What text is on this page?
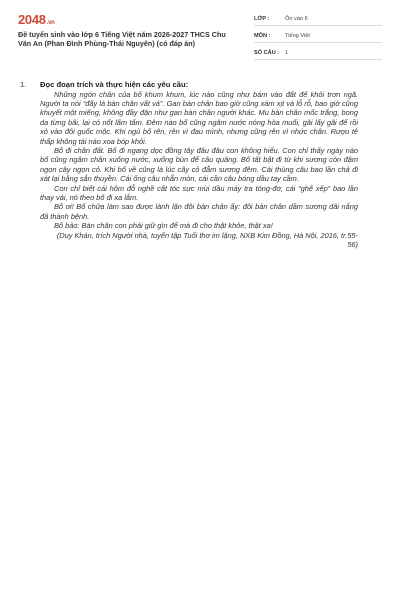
2048.vn
Đề tuyển sinh vào lớp 6 Tiếng Việt năm 2026-2027 THCS Chu Văn An (Phan Đình Phùng-Thái Nguyên) (có đáp án)
LỚP :	Ôn vào 6
MÔN :	Tiếng Việt
SỐ CÂU :	1
1. Đọc đoạn trích và thực hiện các yêu cầu:

Những ngón chân của bố khum khum, lúc nào cũng như bám vào đất để khỏi trơn ngã. Người ta nói “đấy là bàn chân vất vả”. Gan bàn chân bao giờ cũng xám xịt và lỗ rỗ, bao giờ cũng khuyết một miếng, không đầy đặn như gan bàn chân người khác. Mu bàn chân mốc trắng, bong da từng bãi, lại có nốt lấm tấm. Đêm nào bố cũng ngâm nước nóng hòa muối, gãi lấy gãi để rồi xỏ vào đôi guốc mộc. Khi ngủ bố rên, rên vì đau mình, nhưng cũng rên vì nhức chân. Rượu tê thấp không tài nào xoa bóp khỏi.

Bố đi chân đất. Bố đi ngang dọc đồng tây đâu đâu con không hiểu. Con chỉ thấy ngày nào bố cũng ngâm chân xuống nước, xuống bùn để câu quăng. Bố tất bật đi từ khi sương còn đậm ngọn cây ngọn cỏ. Khi bố về cũng là lúc cây cỏ đẫm sương đêm. Cái thùng câu bao lần chả đi xát lại bằng sắn thuyền. Cái ống câu nhẵn mòn, cái cần câu bóng dầu tay cầm.

Con chỉ biết cái hôm đỗ nghề cất tóc sực mùi dầu máy tra tóng-đơ, cái “ghế xếp” bao lần thay vải, nó theo bố đi xa lắm.

Bố ơi! Bố chữa làm sao được lành lặn đôi bàn chân ấy: đôi bàn chân dầm sương dãi nắng đã thành bệnh.

Bố bảo: Bàn chân con phải giữ gìn để mà đi cho thật khỏe, thật xa!

(Duy Khán, trích Người nhà, tuyển tập Tuổi thơ im lặng, NXB Kim Đồng, Hà Nội, 2016, tr.55-56)
